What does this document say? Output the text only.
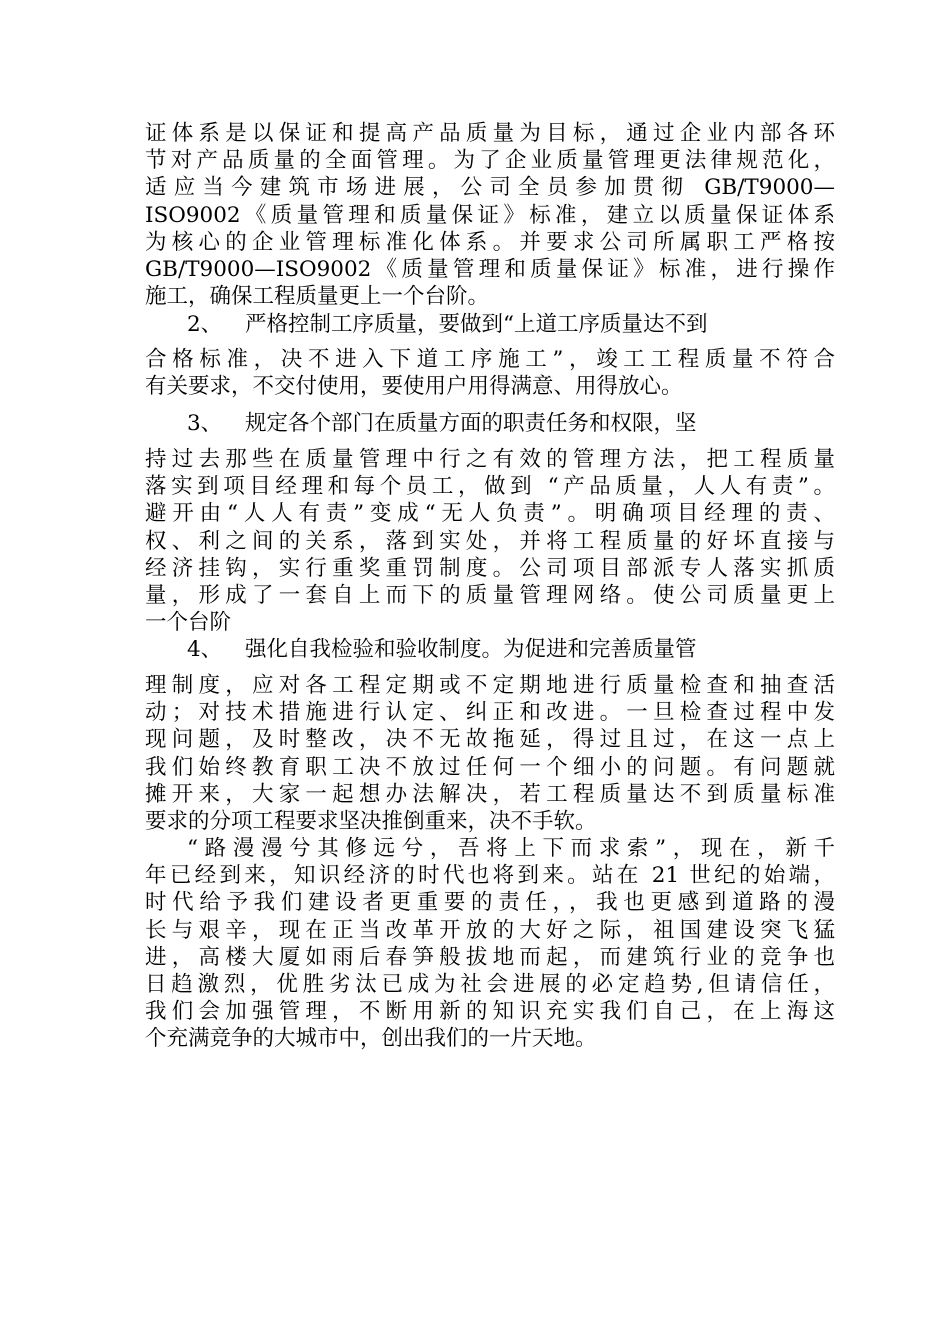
证体系是以保证和提高产品质量为目标，通过企业内部各环
节对产品质量的全面管理。为了企业质量管理更法律规范化，
适应当今建筑市场进展，公司全员参加贯彻 GB/T9000—
ISO9002《质量管理和质量保证》标准，建立以质量保证体系
为核心的企业管理标准化体系。并要求公司所属职工严格按
GB/T9000—ISO9002《质量管理和质量保证》标准，进行操作
施工，确保工程质量更上一个台阶。
2、 严格控制工序质量，要做到“上道工序质量达不到
合格标准，决不进入下道工序施工”，竣工工程质量不符合
有关要求，不交付使用，要使用户用得满意、用得放心。
3、 规定各个部门在质量方面的职责任务和权限，坚
持过去那些在质量管理中行之有效的管理方法，把工程质量
落实到项目经理和每个员工，做到 “产品质量，人人有责”。
避开由“人人有责”变成“无人负责”。明确项目经理的责、
权、利之间的关系，落到实处，并将工程质量的好坏直接与
经济挂钩，实行重奖重罚制度。公司项目部派专人落实抓质
量，形成了一套自上而下的质量管理网络。使公司质量更上
一个台阶
4、 强化自我检验和验收制度。为促进和完善质量管
理制度，应对各工程定期或不定期地进行质量检查和抽查活
动；对技术措施进行认定、纠正和改进。一旦检查过程中发
现问题，及时整改，决不无故拖延，得过且过，在这一点上
我们始终教育职工决不放过任何一个细小的问题。有问题就
摊开来，大家一起想办法解决，若工程质量达不到质量标准
要求的分项工程要求坚决推倒重来，决不手软。
“路漫漫兮其修远兮，吾将上下而求索”，现在，新千
年已经到来，知识经济的时代也将到来。站在 21 世纪的始端，
时代给予我们建设者更重要的责任，，我也更感到道路的漫
长与艰辛，现在正当改革开放的大好之际，祖国建设突飞猛
进，高楼大厦如雨后春笋般拔地而起，而建筑行业的竞争也
日趋激烈，优胜劣汰已成为社会进展的必定趋势,但请信任，
我们会加强管理，不断用新的知识充实我们自己，在上海这
个充满竞争的大城市中，创出我们的一片天地。
